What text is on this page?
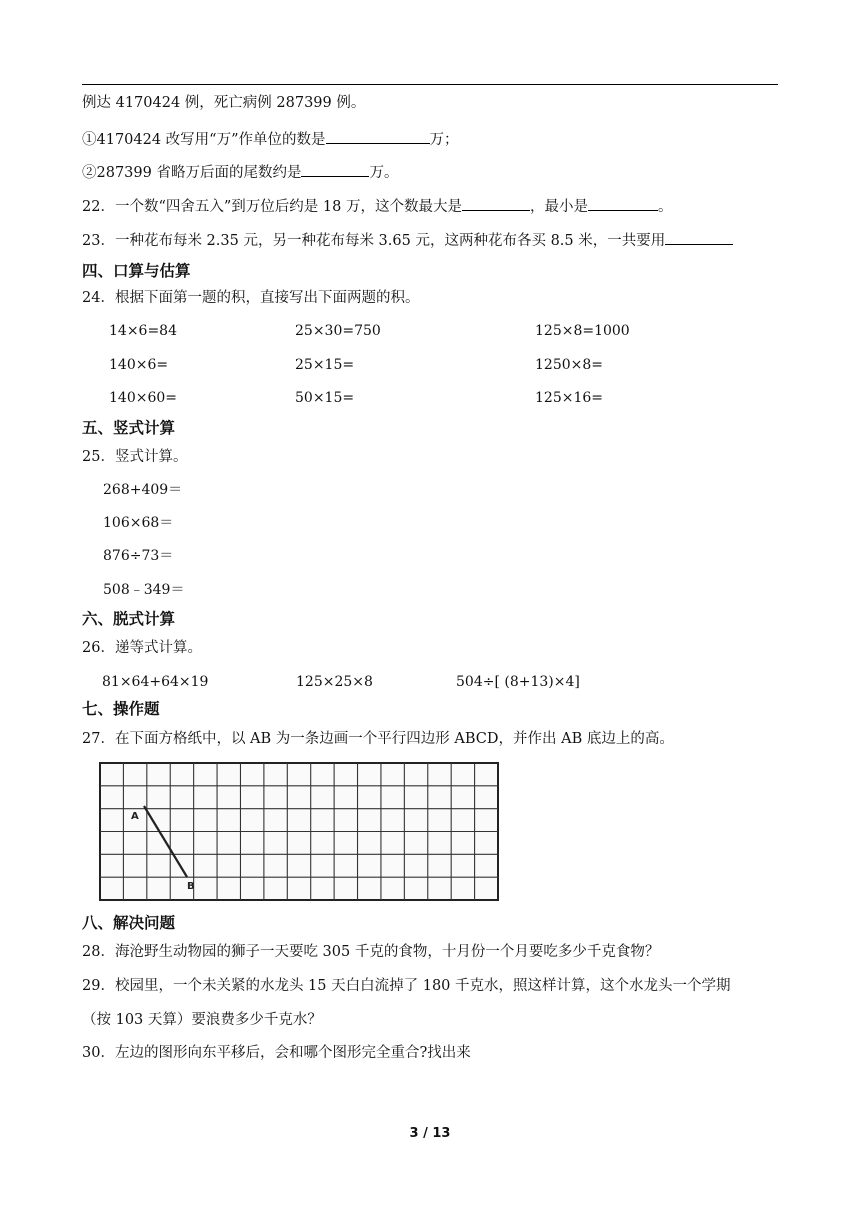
例达 4170424 例，死亡病例 287399 例。
①4170424 改写用“万”作单位的数是	万；
②287399 省略万后面的尾数约是	万。
22．一个数“四舍五入”到万位后约是 18 万，这个数最大是	，最小是	。
23．一种花布每米 2.35 元，另一种花布每米 3.65 元，这两种花布各买 8.5 米，一共要用
四、口算与估算
24．根据下面第一题的积，直接写出下面两题的积。
14×6=84	25×30=750	125×8=1000
140×6=	25×15=	1250×8=
140×60=	50×15=	125×16=
五、竖式计算
25．竖式计算。
268+409＝
106×68＝
876÷73＝
508﹣349＝
六、脱式计算
26．递等式计算。
81×64+64×19	125×25×8	504÷[ (8+13)×4]
七、操作题
27．在下面方格纸中，以 AB 为一条边画一个平行四边形 ABCD，并作出 AB 底边上的高。
A
B
八、解决问题
28．海沧野生动物园的狮子一天要吃 305 千克的食物，十月份一个月要吃多少千克食物？
29．校园里，一个未关紧的水龙头 15 天白白流掉了 180 千克水，照这样计算，这个水龙头一个学期
（按 103 天算）要浪费多少千克水？
30．左边的图形向东平移后，会和哪个图形完全重合?找出来
3 / 13
